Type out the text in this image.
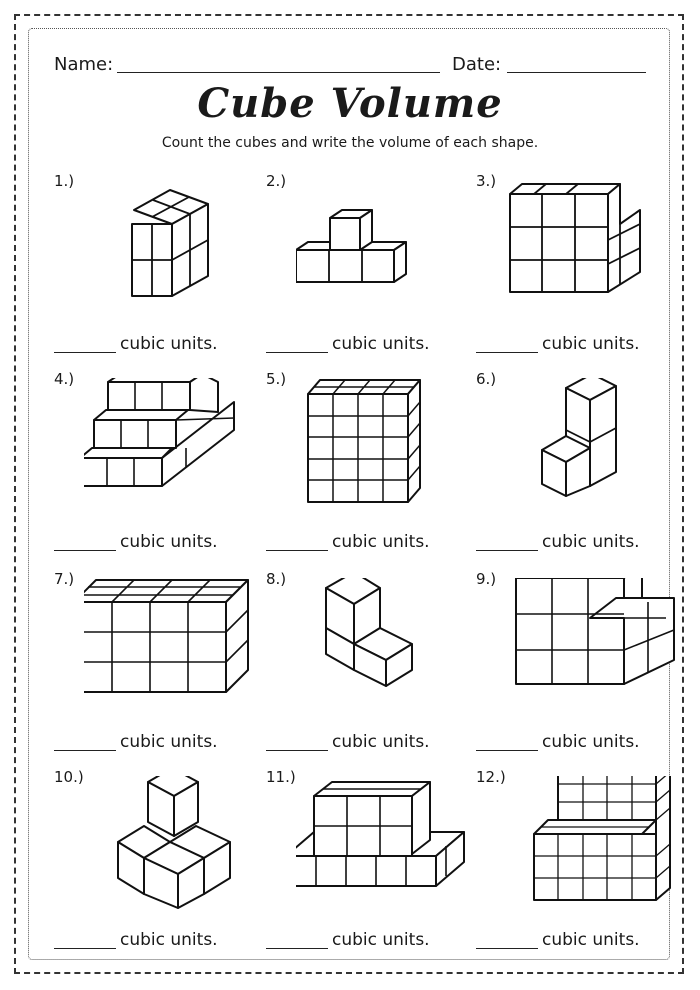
Name:	Date:
Cube Volume
Count the cubes and write the volume of each shape.
1.)
cubic units.
2.)
cubic units.
3.)
cubic units.
4.)
cubic units.
5.)
cubic units.
6.)
cubic units.
7.)
cubic units.
8.)
cubic units.
9.)
cubic units.
10.)
cubic units.
11.)
cubic units.
12.)
cubic units.
